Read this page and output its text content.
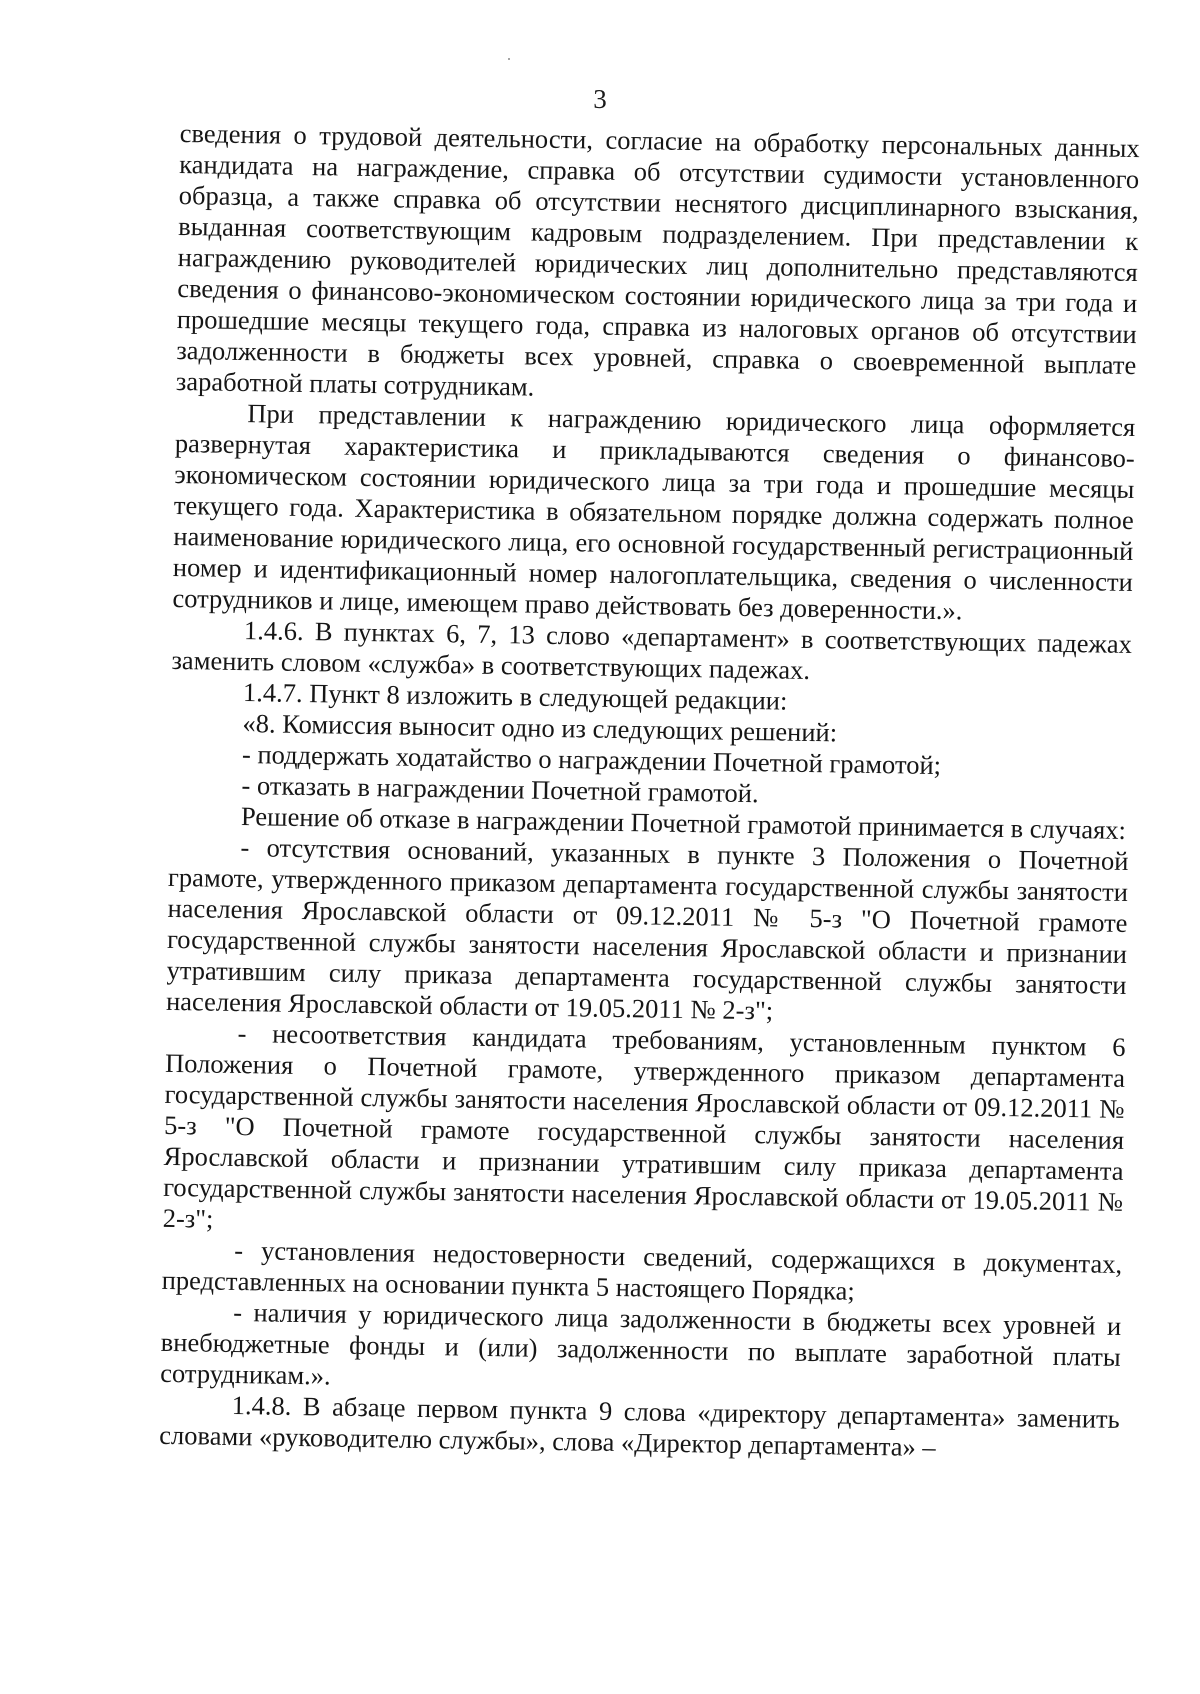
3

сведения о трудовой деятельности, согласие на обработку персональных данных кандидата на награждение, справка об отсутствии судимости установленного образца, а также справка об отсутствии неснятого дисциплинарного взыскания, выданная соответствующим кадровым подразделением. При представлении к награждению руководителей юридических лиц дополнительно представляются сведения о финансово-экономическом состоянии юридического лица за три года и прошедшие месяцы текущего года, справка из налоговых органов об отсутствии задолженности в бюджеты всех уровней, справка о своевременной выплате заработной платы сотрудникам.

При представлении к награждению юридического лица оформляется развернутая характеристика и прикладываются сведения о финансово-экономическом состоянии юридического лица за три года и прошедшие месяцы текущего года. Характеристика в обязательном порядке должна содержать полное наименование юридического лица, его основной государственный регистрационный номер и идентификационный номер налогоплательщика, сведения о численности сотрудников и лице, имеющем право действовать без доверенности.».

1.4.6. В пунктах 6, 7, 13 слово «департамент» в соответствующих падежах заменить словом «служба» в соответствующих падежах.

1.4.7. Пункт 8 изложить в следующей редакции:

«8. Комиссия выносит одно из следующих решений:

- поддержать ходатайство о награждении Почетной грамотой;

- отказать в награждении Почетной грамотой.

Решение об отказе в награждении Почетной грамотой принимается в случаях:

- отсутствия оснований, указанных в пункте 3 Положения о Почетной грамоте, утвержденного приказом департамента государственной службы занятости населения Ярославской области от 09.12.2011 № 5-з "О Почетной грамоте государственной службы занятости населения Ярославской области и признании утратившим силу приказа департамента государственной службы занятости населения Ярославской области от 19.05.2011 № 2-з";

- несоответствия кандидата требованиям, установленным пунктом 6 Положения о Почетной грамоте, утвержденного приказом департамента государственной службы занятости населения Ярославской области от 09.12.2011 № 5-з "О Почетной грамоте государственной службы занятости населения Ярославской области и признании утратившим силу приказа департамента государственной службы занятости населения Ярославской области от 19.05.2011 № 2-з";

- установления недостоверности сведений, содержащихся в документах, представленных на основании пункта 5 настоящего Порядка;

- наличия у юридического лица задолженности в бюджеты всех уровней и внебюджетные фонды и (или) задолженности по выплате заработной платы сотрудникам.».

1.4.8. В абзаце первом пункта 9 слова «директору департамента» заменить словами «руководителю службы», слова «Директор департамента» –
